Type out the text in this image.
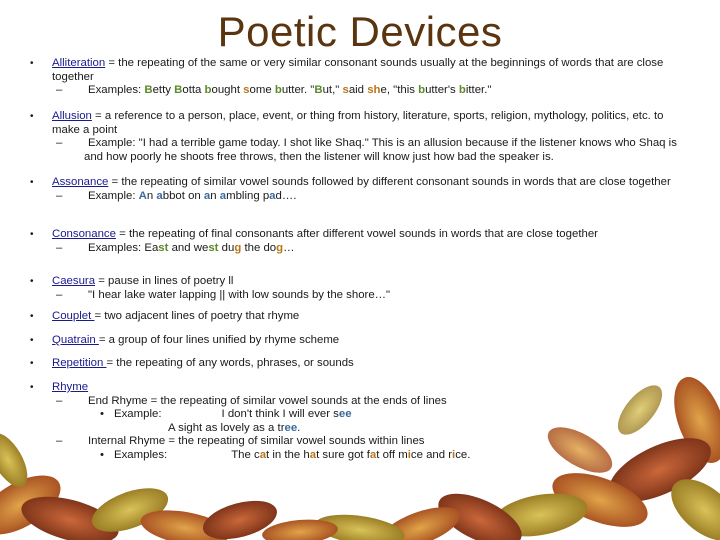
Poetic Devices
• Alliteration = the repeating of the same or very similar consonant sounds usually at the beginnings of words that are close together
– Examples: Betty Botta bought some butter. "But," said she, "this butter's bitter."
• Allusion = a reference to a person, place, event, or thing from history, literature, sports, religion, mythology, politics, etc. to make a point
– Example: "I had a terrible game today. I shot like Shaq." This is an allusion because if the listener knows who Shaq is and how poorly he shoots free throws, then the listener will know just how bad the speaker is.
• Assonance = the repeating of similar vowel sounds followed by different consonant sounds in words that are close together
– Example: An abbot on an ambling pad….
• Consonance = the repeating of final consonants after different vowel sounds in words that are close together
– Examples: East and west dug the dog…
• Caesura = pause in lines of poetry ll
– "I hear lake water lapping || with low sounds by the shore…"
• Couplet = two adjacent lines of poetry that rhyme
• Quatrain = a group of four lines unified by rhyme scheme
• Repetition = the repeating of any words, phrases, or sounds
• Rhyme
– End Rhyme = the repeating of similar vowel sounds at the ends of lines
• Example:	I don't think I will ever see
A sight as lovely as a tree.
– Internal Rhyme = the repeating of similar vowel sounds within lines
• Examples:	The cat in the hat sure got fat off mice and rice.
